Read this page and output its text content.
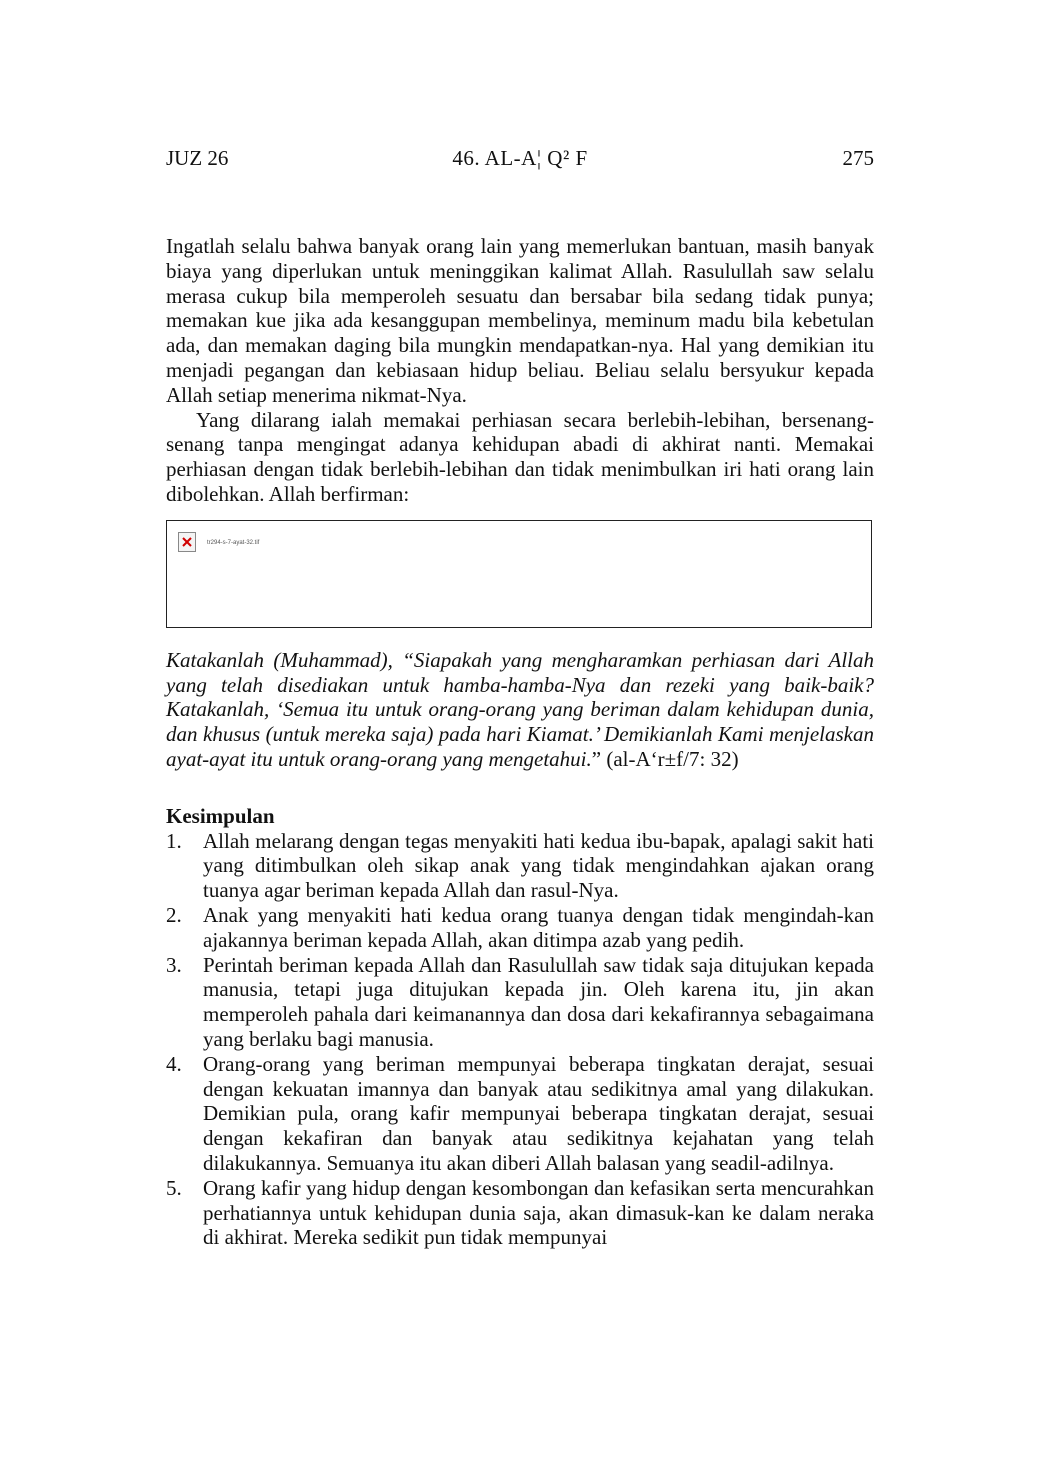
JUZ 26	46. AL-A¦ Q² F	275

Ingatlah selalu bahwa banyak orang lain yang memerlukan bantuan, masih banyak biaya yang diperlukan untuk meninggikan kalimat Allah. Rasulullah saw selalu merasa cukup bila memperoleh sesuatu dan bersabar bila sedang tidak punya; memakan kue jika ada kesanggupan membelinya, meminum madu bila kebetulan ada, dan memakan daging bila mungkin mendapatkan-nya. Hal yang demikian itu menjadi pegangan dan kebiasaan hidup beliau. Beliau selalu bersyukur kepada Allah setiap menerima nikmat-Nya.

Yang dilarang ialah memakai perhiasan secara berlebih-lebihan, bersenang-senang tanpa mengingat adanya kehidupan abadi di akhirat nanti. Memakai perhiasan dengan tidak berlebih-lebihan dan tidak menimbulkan iri hati orang lain dibolehkan. Allah berfirman:

tr294-s-7-ayat-32.tif

Katakanlah (Muhammad), “Siapakah yang mengharamkan perhiasan dari Allah yang telah disediakan untuk hamba-hamba-Nya dan rezeki yang baik-baik? Katakanlah, ‘Semua itu untuk orang-orang yang beriman dalam kehidupan dunia, dan khusus (untuk mereka saja) pada hari Kiamat.’ Demikianlah Kami menjelaskan ayat-ayat itu untuk orang-orang yang mengetahui.” (al-A‘r±f/7: 32)

Kesimpulan
1. Allah melarang dengan tegas menyakiti hati kedua ibu-bapak, apalagi sakit hati yang ditimbulkan oleh sikap anak yang tidak mengindahkan ajakan orang tuanya agar beriman kepada Allah dan rasul-Nya.
2. Anak yang menyakiti hati kedua orang tuanya dengan tidak mengindah-kan ajakannya beriman kepada Allah, akan ditimpa azab yang pedih.
3. Perintah beriman kepada Allah dan Rasulullah saw tidak saja ditujukan kepada manusia, tetapi juga ditujukan kepada jin. Oleh karena itu, jin akan memperoleh pahala dari keimanannya dan dosa dari kekafirannya sebagaimana yang berlaku bagi manusia.
4. Orang-orang yang beriman mempunyai beberapa tingkatan derajat, sesuai dengan kekuatan imannya dan banyak atau sedikitnya amal yang dilakukan. Demikian pula, orang kafir mempunyai beberapa tingkatan derajat, sesuai dengan kekafiran dan banyak atau sedikitnya kejahatan yang telah dilakukannya. Semuanya itu akan diberi Allah balasan yang seadil-adilnya.
5. Orang kafir yang hidup dengan kesombongan dan kefasikan serta mencurahkan perhatiannya untuk kehidupan dunia saja, akan dimasuk-kan ke dalam neraka di akhirat. Mereka sedikit pun tidak mempunyai
